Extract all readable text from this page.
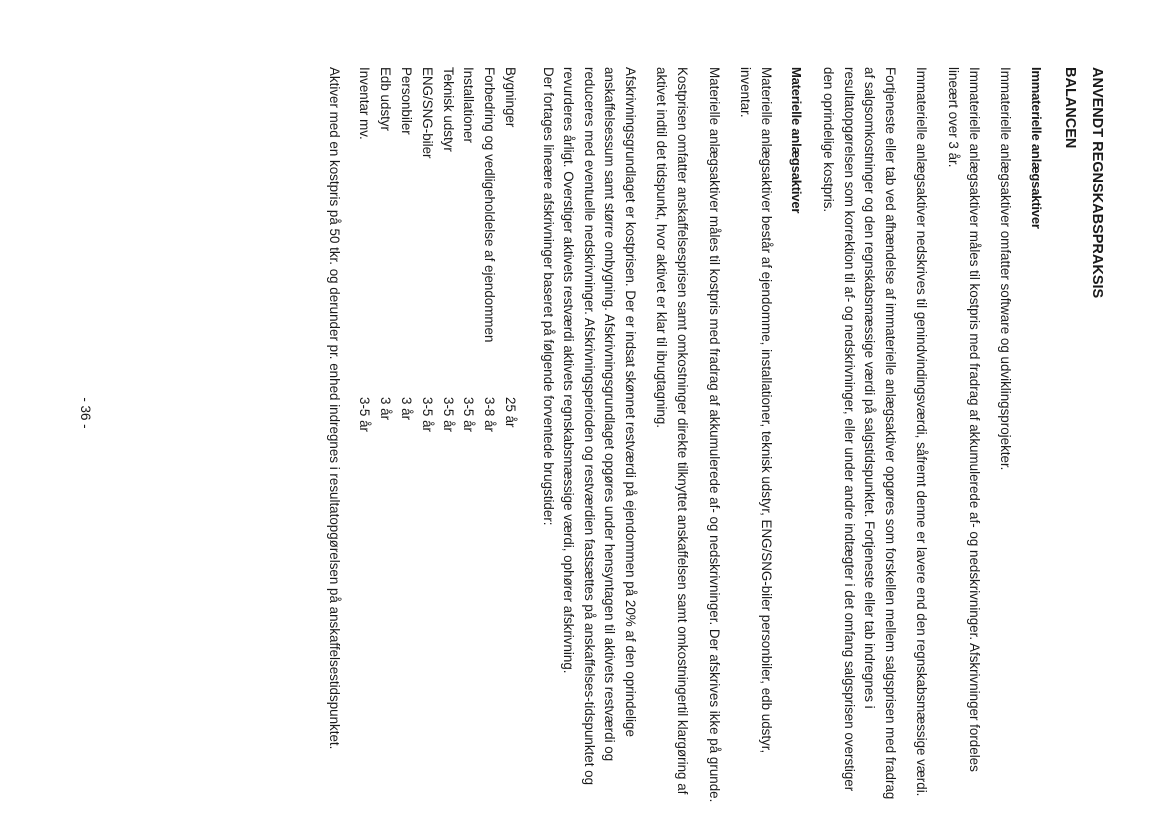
ANVENDT REGNSKABSPRAKSIS
BALANCEN
Immaterielle anlægsaktiver

Immaterielle anlægsaktiver omfatter software og udviklingsprojekter.

Immaterielle anlægsaktiver måles til kostpris med fradrag af akkumulerede af- og nedskrivninger. Afskrivninger fordeles lineært over 3 år.

Immaterielle anlægsaktiver nedskrives til genindvindingsværdi, såfremt denne er lavere end den regnskabsmæssige værdi.

Fortjeneste eller tab ved afhændelse af immaterielle anlægsaktiver opgøres som forskellen mellem salgsprisen med fradrag af salgsomkostninger og den regnskabsmæssige værdi på salgstidspunktet. Fortjeneste eller tab indregnes i resultatopgørelsen som korrektion til af- og nedskrivninger, eller under andre indtægter i det omfang salgsprisen overstiger den oprindelige kostpris.

Materielle anlægsaktiver

Materielle anlægsaktiver består af ejendomme, installationer, teknisk udstyr, ENG/SNG-biler personbiler, edb udstyr, inventar.

Materielle anlægsaktiver måles til kostpris med fradrag af akkumulerede af- og nedskrivninger. Der afskrives ikke på grunde.

Kostprisen omfatter anskaffelsesprisen samt omkostninger direkte tilknyttet anskaffelsen samt omkostningertil klargøring af aktivet indtil det tidspunkt, hvor aktivet er klar til ibrugtagning.

Afskrivningsgrundlaget er kostprisen. Der er indsat skønnet restværdi på ejendommen på 20% af den oprindelige anskaffelsessum samt større ombygning. Afskrivningsgrundlaget opgøres under hensyntagen til aktivets restværdi og reduceres med eventuelle nedskrivninger. Afskrivningsperioden og restværdien fastsættes på anskaffelses-tidspunktet og revurderes årligt. Overstiger aktivets restværdi aktivets regnskabsmæssige værdi, ophører afskrivning.

Der fortages lineære afskrivninger baseret på følgende forventede brugstider:

Bygninger	25 år
Forbedring og vedligeholdelse af ejendommen	3-8 år
Installationer	3-5 år
Teknisk udstyr	3-5 år
ENG/SNG-biler	3-5 år
Personbiler	3 år
Edb udstyr	3 år
Inventar mv.	3-5 år

Aktiver med en kostpris på 50 tkr. og derunder pr. enhed indregnes i resultatopgørelsen på anskaffelsestidspunktet.

- 36 -
